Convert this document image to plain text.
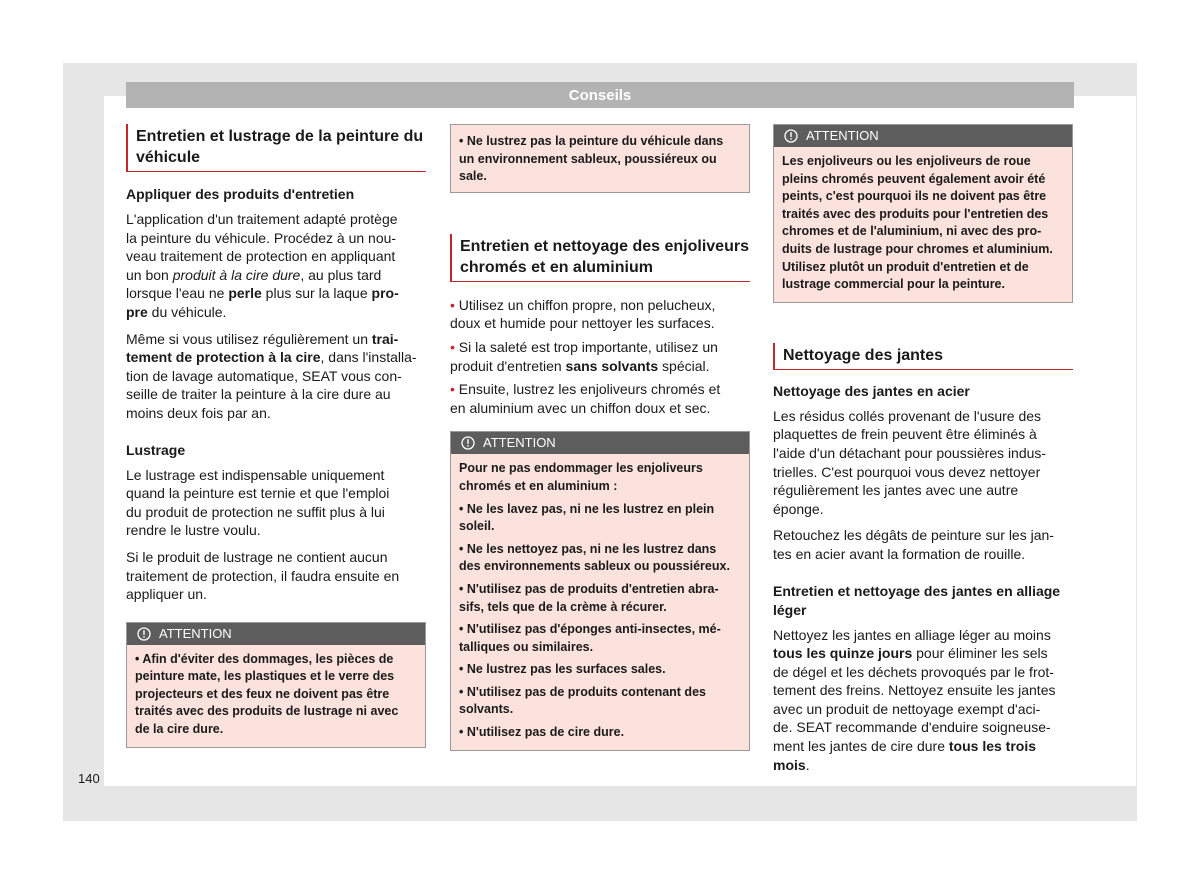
Conseils
Entretien et lustrage de la peinture du
véhicule
Appliquer des produits d'entretien

L'application d'un traitement adapté protège
la peinture du véhicule. Procédez à un nou-
veau traitement de protection en appliquant
un bon produit à la cire dure, au plus tard
lorsque l'eau ne perle plus sur la laque pro-
pre du véhicule.

Même si vous utilisez régulièrement un trai-
tement de protection à la cire, dans l'installa-
tion de lavage automatique, SEAT vous con-
seille de traiter la peinture à la cire dure au
moins deux fois par an.

Lustrage

Le lustrage est indispensable uniquement
quand la peinture est ternie et que l'emploi
du produit de protection ne suffit plus à lui
rendre le lustre voulu.

Si le produit de lustrage ne contient aucun
traitement de protection, il faudra ensuite en
appliquer un.

ATTENTION

• Afin d'éviter des dommages, les pièces de
peinture mate, les plastiques et le verre des
projecteurs et des feux ne doivent pas être
traités avec des produits de lustrage ni avec
de la cire dure.

• Ne lustrez pas la peinture du véhicule dans
un environnement sableux, poussiéreux ou
sale.

Entretien et nettoyage des enjoliveurs
chromés et en aluminium

• Utilisez un chiffon propre, non pelucheux,
doux et humide pour nettoyer les surfaces.

• Si la saleté est trop importante, utilisez un
produit d'entretien sans solvants spécial.

• Ensuite, lustrez les enjoliveurs chromés et
en aluminium avec un chiffon doux et sec.

ATTENTION

Pour ne pas endommager les enjoliveurs
chromés et en aluminium :

• Ne les lavez pas, ni ne les lustrez en plein
soleil.

• Ne les nettoyez pas, ni ne les lustrez dans
des environnements sableux ou poussiéreux.

• N'utilisez pas de produits d'entretien abra-
sifs, tels que de la crème à récurer.

• N'utilisez pas d'éponges anti-insectes, mé-
talliques ou similaires.

• Ne lustrez pas les surfaces sales.

• N'utilisez pas de produits contenant des
solvants.

• N'utilisez pas de cire dure.

ATTENTION

Les enjoliveurs ou les enjoliveurs de roue
pleins chromés peuvent également avoir été
peints, c'est pourquoi ils ne doivent pas être
traités avec des produits pour l'entretien des
chromes et de l'aluminium, ni avec des pro-
duits de lustrage pour chromes et aluminium.
Utilisez plutôt un produit d'entretien et de
lustrage commercial pour la peinture.

Nettoyage des jantes
Nettoyage des jantes en acier

Les résidus collés provenant de l'usure des
plaquettes de frein peuvent être éliminés à
l'aide d'un détachant pour poussières indus-
trielles. C'est pourquoi vous devez nettoyer
régulièrement les jantes avec une autre
éponge.

Retouchez les dégâts de peinture sur les jan-
tes en acier avant la formation de rouille.

Entretien et nettoyage des jantes en alliage
léger

Nettoyez les jantes en alliage léger au moins
tous les quinze jours pour éliminer les sels
de dégel et les déchets provoqués par le frot-
tement des freins. Nettoyez ensuite les jantes
avec un produit de nettoyage exempt d'aci-
de. SEAT recommande d'enduire soigneuse-
ment les jantes de cire dure tous les trois
mois.

140
